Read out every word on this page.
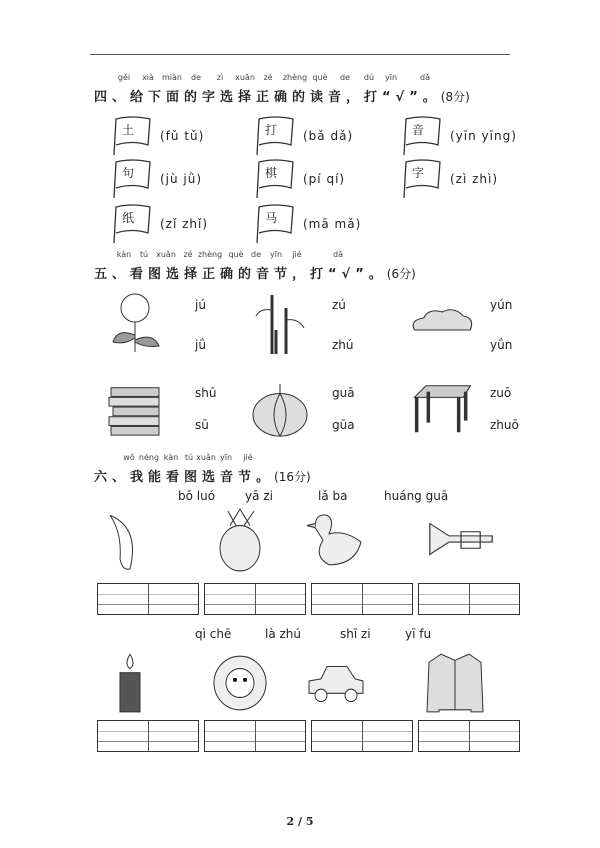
gěi xià miàn de zì xuǎn zé zhèng què de dú yīn	dǎ
四、给下面的字选择正确的读音，打“√”。(8分)
kàn tú xuǎn zé zhèng què de yīn jié	dǎ
五、看图选择正确的音节，打“√”。(6分)
wǒ néng kàn tú xuǎn yīn jié
六、我能看图选音节。(16分)
2 / 5
土 (fǔ tǔ)	打 (bǎ dǎ)	音 (yīn yīng)
句 (jù jǜ)	棋 (pí qí)	字 (zì zhì)
纸 (zǐ zhǐ)	马 (mā mǎ)
jú
jǘ
zú
zhú
yún
yǘn
shū
sū
guā
gūa
zuō
zhuō
bō luó yā zi	lǎ ba	huáng guā
qì chē	là zhú	shī zi	yī fu
